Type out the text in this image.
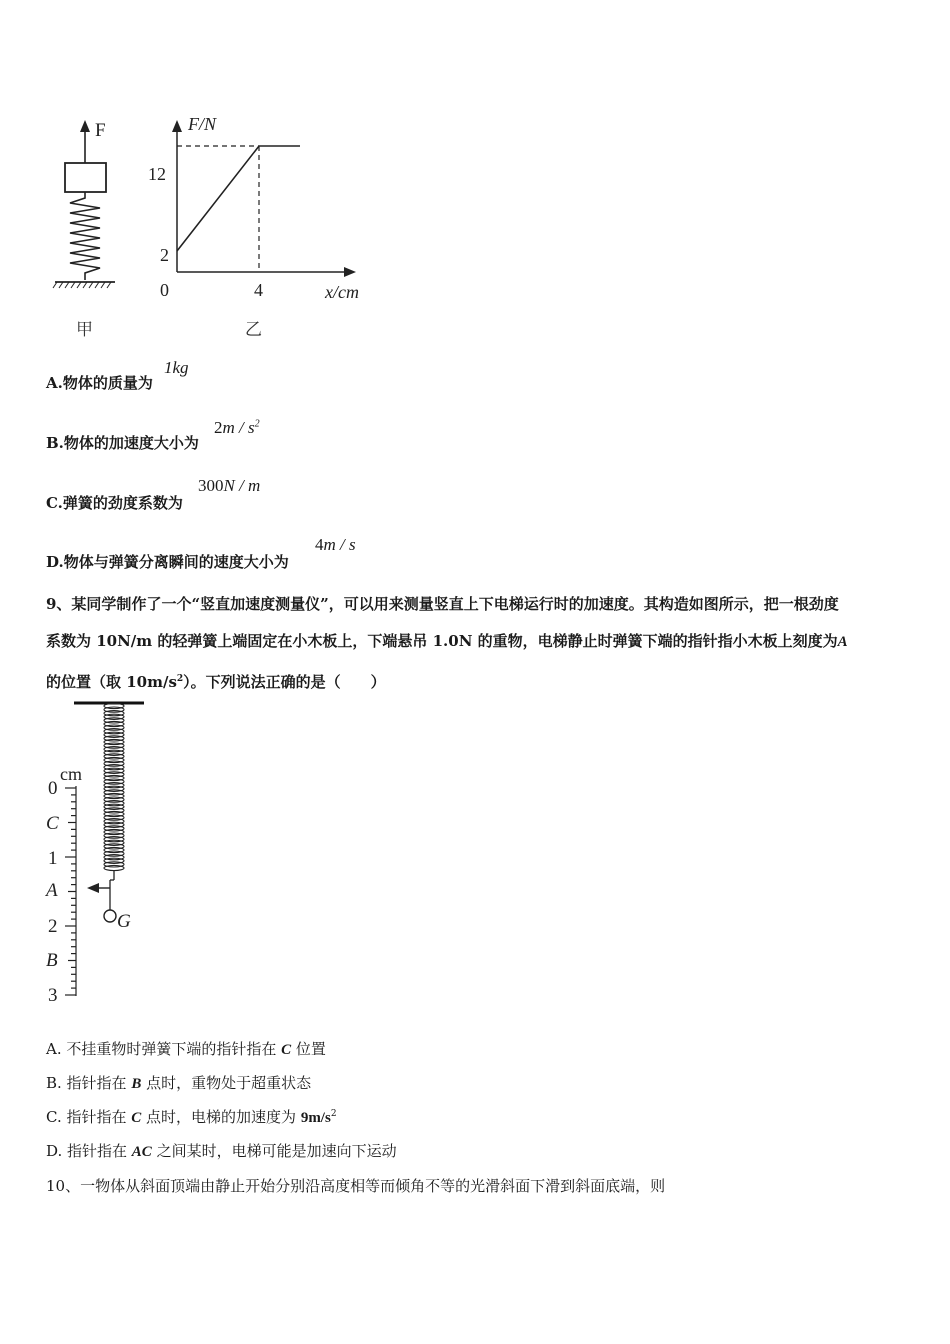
F
甲
F/N
x/cm
12
2
0	4
乙
A.物体的质量为
1kg
B.物体的加速度大小为
$2m / s^2$
C.弹簧的劲度系数为
300N / m
D.物体与弹簧分离瞬间的速度大小为
4m / s
9、某同学制作了一个“竖直加速度测量仪”，可以用来测量竖直上下电梯运行时的加速度。其构造如图所示，把一根劲度
系数为 10N/m 的轻弹簧上端固定在小木板上，下端悬吊 1.0N 的重物，电梯静止时弹簧下端的指针指小木板上刻度为A
的位置（取 $10m/s^2$）。下列说法正确的是（　　）
G
cm
0
C
1
A
2
B
3
A. 不挂重物时弹簧下端的指针指在 C 位置
B. 指针指在 B 点时，重物处于超重状态
C. 指针指在 C 点时，电梯的加速度为 $9m/s^2$
D. 指针指在 AC 之间某时，电梯可能是加速向下运动
10、一物体从斜面顶端由静止开始分别沿高度相等而倾角不等的光滑斜面下滑到斜面底端，则
